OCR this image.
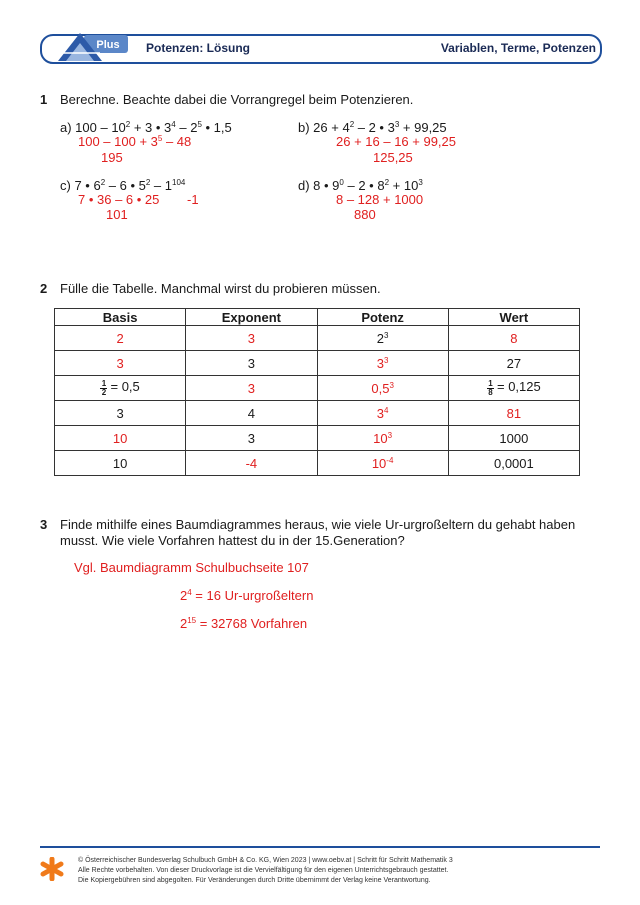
Plus Potenzen: Lösung	Variablen, Terme, Potenzen
1 Berechne. Beachte dabei die Vorrangregel beim Potenzieren.
a) $100 - 10^2 + 3$ • $3^4 - 2^5$ • 1,5
$100 - 100 + 3^5 - 48$
195
b) $26 + 4^2 - 2$ • $3^3 + 99,25$
26 + 16 – 16 + 99,25
125,25
c) 7 • $6^2 - 6$ • $5^2 - 1^{104}$
7 • 36 – 6 • 25 -1
101
d) 8 • $9^0 - 2$ • $8^2 + 10^3$
8 – 128 + 1000
880
2 Fülle die Tabelle. Manchmal wirst du probieren müssen.
Basis	Exponent	Potenz	Wert
2	3	$2^3$	8
3	3	$3^3$	27

$\frac{1}{2} = 0,5$	3	$0,5^3$	$\frac{1}{8} = 0,125$
3	4	$3^4$	81
10	3	$10^3$	1000
10	-4	$10^{-4}$	0,0001
3 Finde mithilfe eines Baumdiagrammes heraus, wie viele Ur-urgroßeltern du gehabt haben
musst. Wie viele Vorfahren hattest du in der 15.Generation?
Vgl. Baumdiagramm Schulbuchseite 107
$2^4 = 16$ Ur-urgroßeltern
$2^{15} = 32768$ Vorfahren
© Österreichischer Bundesverlag Schulbuch GmbH & Co. KG, Wien 2023 | www.oebv.at | Schritt für Schritt Mathematik 3
Alle Rechte vorbehalten. Von dieser Druckvorlage ist die Vervielfältigung für den eigenen Unterrichtsgebrauch gestattet.
Die Kopiergebühren sind abgegolten. Für Veränderungen durch Dritte übernimmt der Verlag keine Verantwortung.
